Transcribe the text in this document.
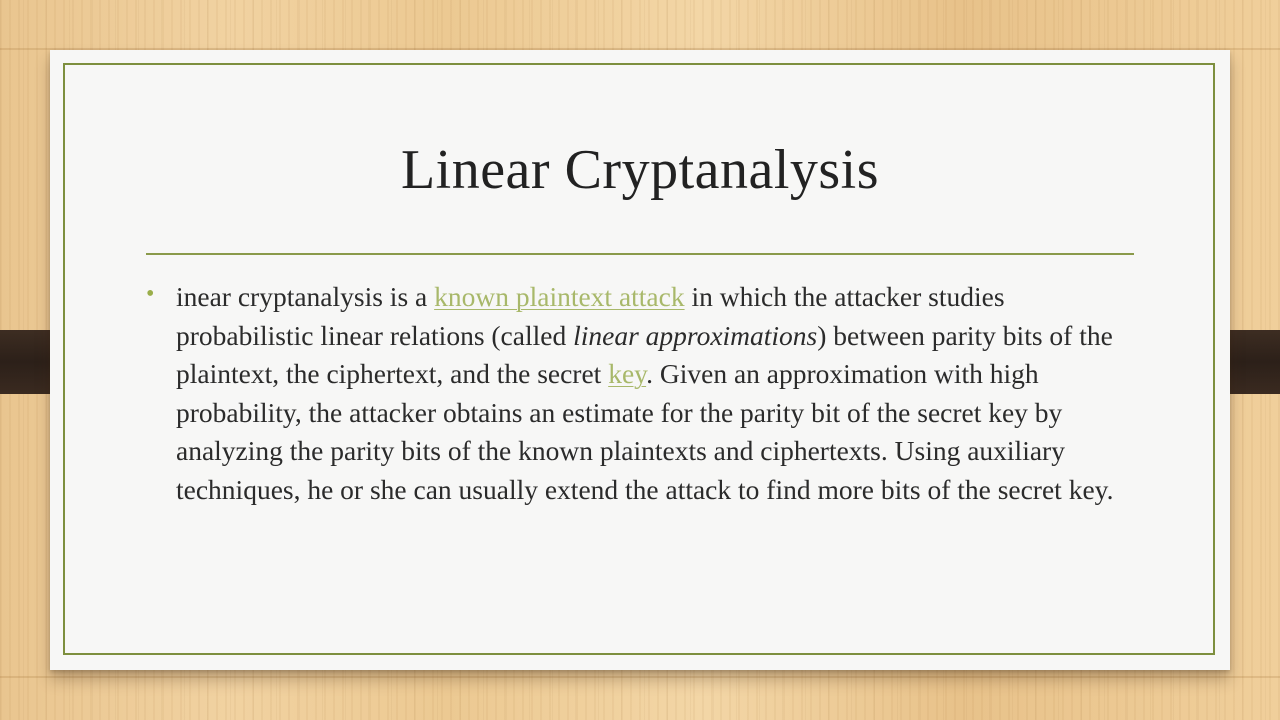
Linear Cryptanalysis
• inear cryptanalysis is a known plaintext attack in which the attacker studies probabilistic linear relations (called linear approximations) between parity bits of the plaintext, the ciphertext, and the secret key. Given an approximation with high probability, the attacker obtains an estimate for the parity bit of the secret key by analyzing the parity bits of the known plaintexts and ciphertexts. Using auxiliary techniques, he or she can usually extend the attack to find more bits of the secret key.
